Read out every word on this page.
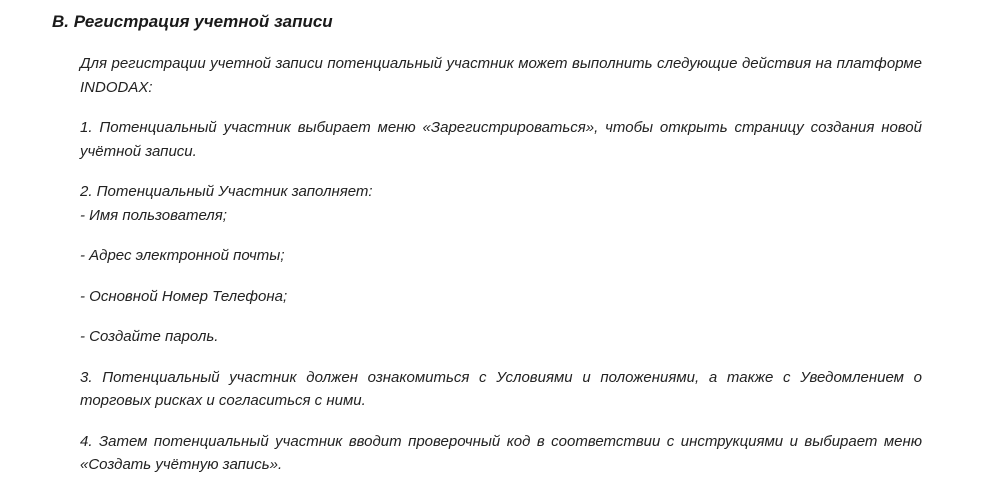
B. Регистрация учетной записи

Для регистрации учетной записи потенциальный участник может выполнить следующие действия на платформе INDODAX:

1. Потенциальный участник выбирает меню «Зарегистрироваться», чтобы открыть страницу создания новой учётной записи.

2. Потенциальный Участник заполняет:

- Имя пользователя;

- Адрес электронной почты;

- Основной Номер Телефона;

- Создайте пароль.

3. Потенциальный участник должен ознакомиться с Условиями и положениями, а также с Уведомлением о торговых рисках и согласиться с ними.

4. Затем потенциальный участник вводит проверочный код в соответствии с инструкциями и выбирает меню «Создать учётную запись».
